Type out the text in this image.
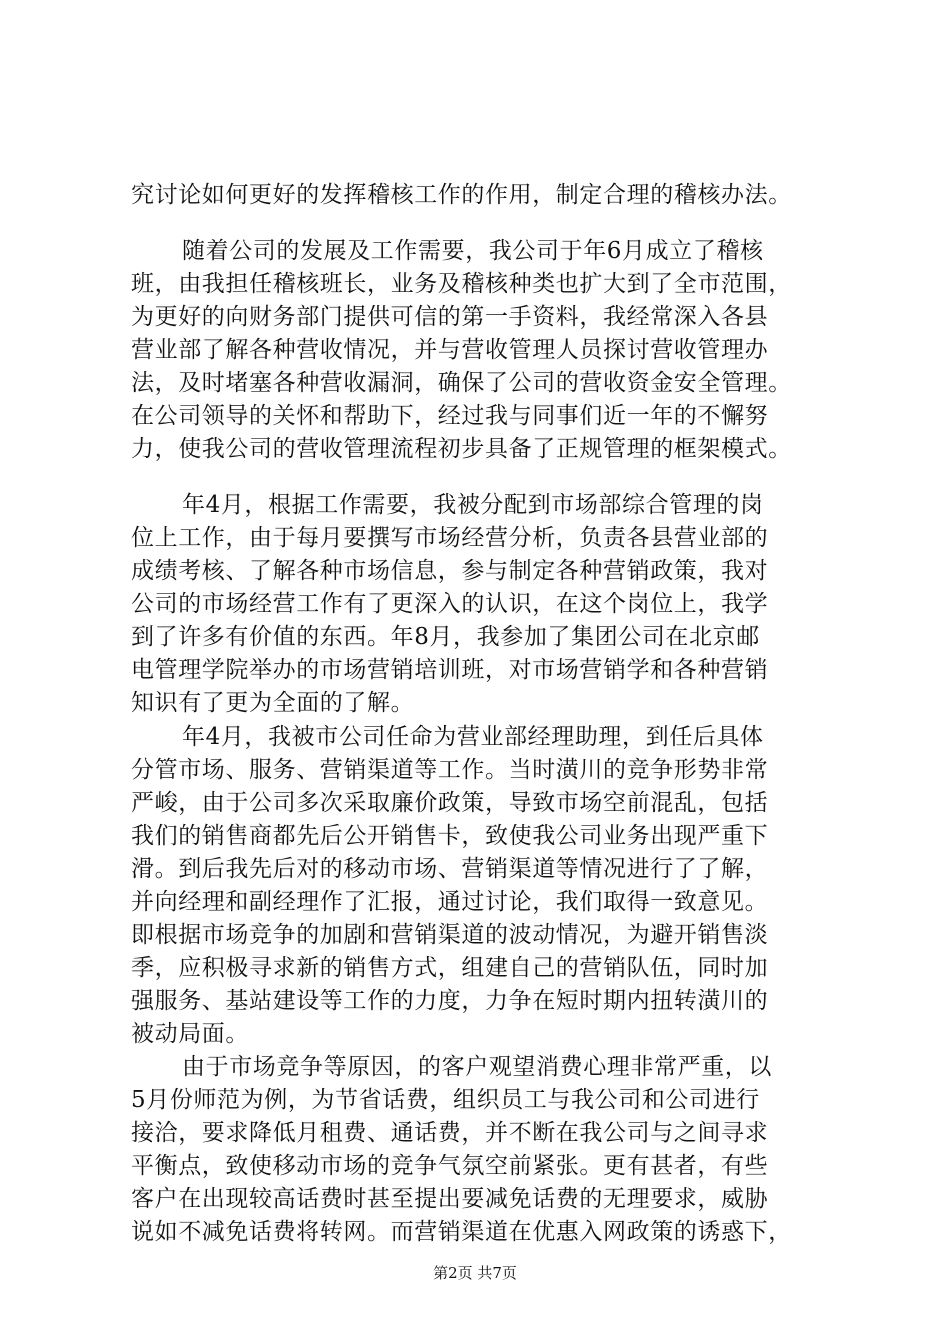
究讨论如何更好的发挥稽核工作的作用，制定合理的稽核办法。
随着公司的发展及工作需要，我公司于年6月成立了稽核
班，由我担任稽核班长，业务及稽核种类也扩大到了全市范围，
为更好的向财务部门提供可信的第一手资料，我经常深入各县
营业部了解各种营收情况，并与营收管理人员探讨营收管理办
法，及时堵塞各种营收漏洞，确保了公司的营收资金安全管理。
在公司领导的关怀和帮助下，经过我与同事们近一年的不懈努
力，使我公司的营收管理流程初步具备了正规管理的框架模式。
年4月，根据工作需要，我被分配到市场部综合管理的岗
位上工作，由于每月要撰写市场经营分析，负责各县营业部的
成绩考核、了解各种市场信息，参与制定各种营销政策，我对
公司的市场经营工作有了更深入的认识，在这个岗位上，我学
到了许多有价值的东西。年8月，我参加了集团公司在北京邮
电管理学院举办的市场营销培训班，对市场营销学和各种营销
知识有了更为全面的了解。
年4月，我被市公司任命为营业部经理助理，到任后具体
分管市场、服务、营销渠道等工作。当时潢川的竞争形势非常
严峻，由于公司多次采取廉价政策，导致市场空前混乱，包括
我们的销售商都先后公开销售卡，致使我公司业务出现严重下
滑。到后我先后对的移动市场、营销渠道等情况进行了了解，
并向经理和副经理作了汇报，通过讨论，我们取得一致意见。
即根据市场竞争的加剧和营销渠道的波动情况，为避开销售淡
季，应积极寻求新的销售方式，组建自己的营销队伍，同时加
强服务、基站建设等工作的力度，力争在短时期内扭转潢川的
被动局面。
由于市场竞争等原因，的客户观望消费心理非常严重，以
5月份师范为例，为节省话费，组织员工与我公司和公司进行
接洽，要求降低月租费、通话费，并不断在我公司与之间寻求
平衡点，致使移动市场的竞争气氛空前紧张。更有甚者，有些
客户在出现较高话费时甚至提出要减免话费的无理要求，威胁
说如不减免话费将转网。而营销渠道在优惠入网政策的诱惑下，
第2页 共7页
